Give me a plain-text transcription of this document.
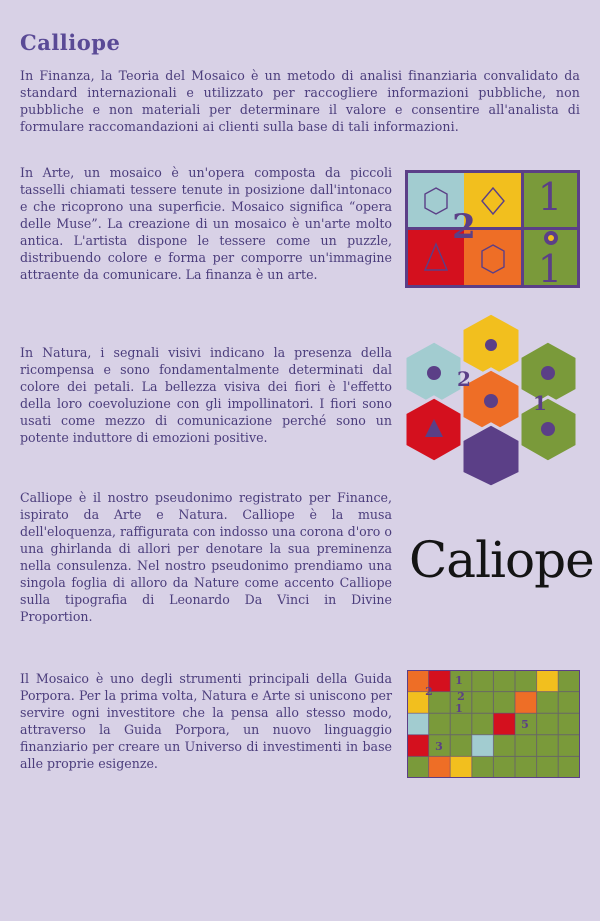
Calliope

In Finanza, la Teoria del Mosaico è un metodo di analisi finanziaria convalidato da standard internazionali e utilizzato per raccogliere informazioni pubbliche, non pubbliche e non materiali per determinare il valore e consentire all'analista di formulare raccomandazioni ai clienti sulla base di tali informazioni.

In Arte, un mosaico è un'opera composta da piccoli tasselli chiamati tessere tenute in posizione dall'intonaco e che ricoprono una superficie. Mosaico significa “opera delle Muse”. La creazione di un mosaico è un'arte molto antica. L'artista dispone le tessere come un puzzle, distribuendo colore e forma per comporre un'immagine attraente da comunicare. La finanza è un arte.

In Natura, i segnali visivi indicano la presenza della ricompensa e sono fondamentalmente determinati dal colore dei petali. La bellezza visiva dei fiori è l'effetto della loro coevoluzione con gli impollinatori. I fiori sono usati come mezzo di comunicazione perché sono un potente induttore di emozioni positive.

Calliope è il nostro pseudonimo registrato per Finance, ispirato da Arte e Natura. Calliope è la musa dell'eloquenza, raffigurata con indosso una corona d'oro o una ghirlanda di allori per denotare la sua preminenza nella consulenza. Nel nostro pseudonimo prendiamo una singola foglia di alloro da Nature come accento Calliope sulla tipografia di Leonardo Da Vinci in Divine Proportion.

Il Mosaico è uno degli strumenti principali della Guida Porpora. Per la prima volta, Natura e Arte si uniscono per servire ogni investitore che la pensa allo stesso modo, attraverso la Guida Porpora, un nuovo linguaggio finanziario per creare un Universo di investimenti in base alle proprie esigenze.

2
1
1
2
1
Caliope
1
2 2
1
3
5
